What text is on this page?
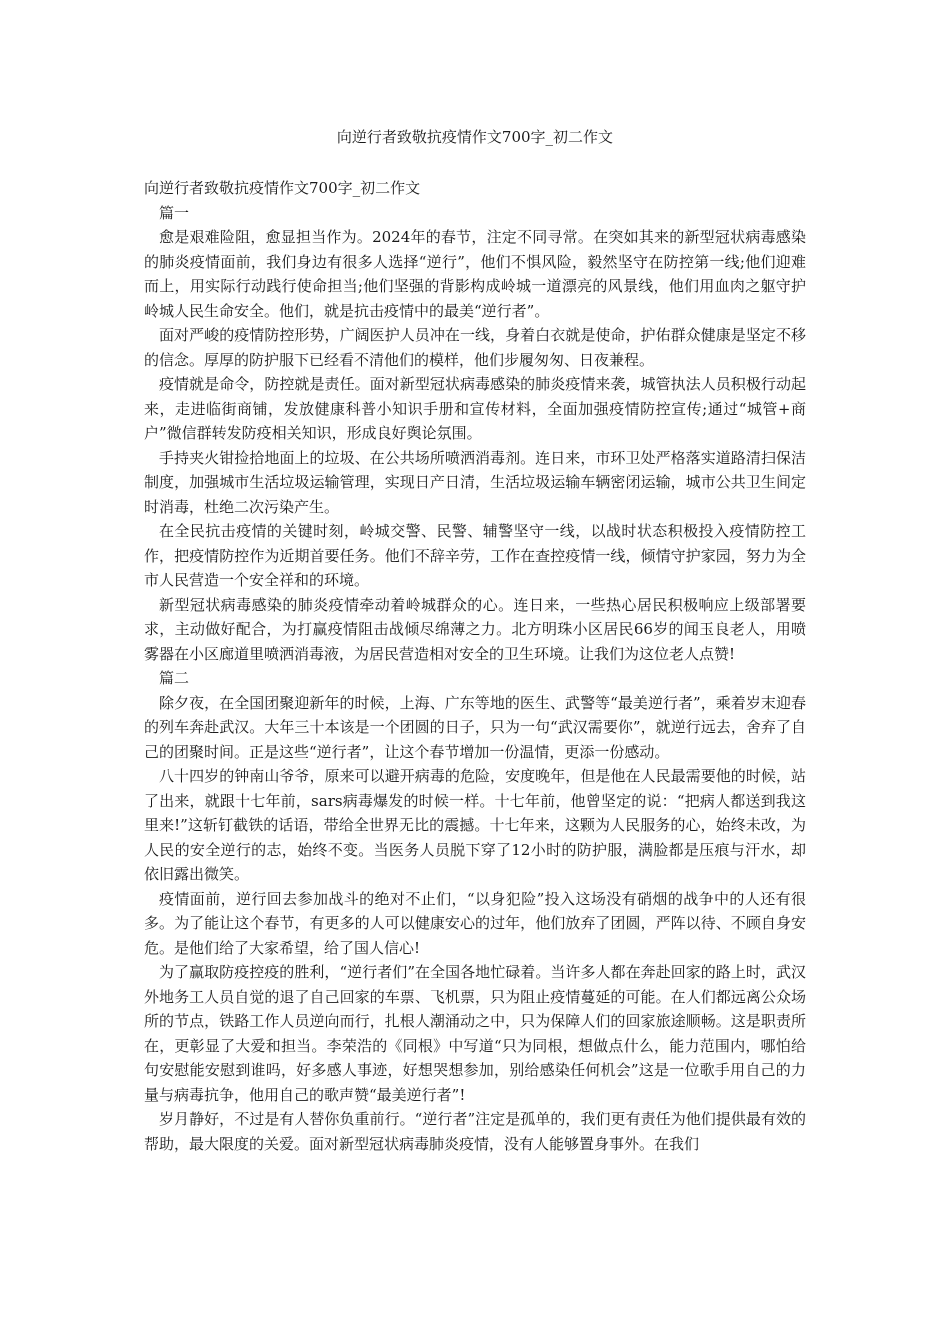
向逆行者致敬抗疫情作文700字_初二作文

向逆行者致敬抗疫情作文700字_初二作文

篇一

愈是艰难险阻，愈显担当作为。2024年的春节，注定不同寻常。在突如其来的新型冠状病毒感染的肺炎疫情面前，我们身边有很多人选择“逆行”，他们不惧风险，毅然坚守在防控第一线;他们迎难而上，用实际行动践行使命担当;他们坚强的背影构成岭城一道漂亮的风景线，他们用血肉之躯守护岭城人民生命安全。他们，就是抗击疫情中的最美“逆行者”。

面对严峻的疫情防控形势，广阔医护人员冲在一线，身着白衣就是使命，护佑群众健康是坚定不移的信念。厚厚的防护服下已经看不清他们的模样，他们步履匆匆、日夜兼程。

疫情就是命令，防控就是责任。面对新型冠状病毒感染的肺炎疫情来袭，城管执法人员积极行动起来，走进临街商铺，发放健康科普小知识手册和宣传材料，全面加强疫情防控宣传;通过“城管+商户”微信群转发防疫相关知识，形成良好舆论氛围。

手持夹火钳捡拾地面上的垃圾、在公共场所喷洒消毒剂。连日来，市环卫处严格落实道路清扫保洁制度，加强城市生活垃圾运输管理，实现日产日清，生活垃圾运输车辆密闭运输，城市公共卫生间定时消毒，杜绝二次污染产生。

在全民抗击疫情的关键时刻，岭城交警、民警、辅警坚守一线，以战时状态积极投入疫情防控工作，把疫情防控作为近期首要任务。他们不辞辛劳，工作在查控疫情一线，倾情守护家园，努力为全市人民营造一个安全祥和的环境。

新型冠状病毒感染的肺炎疫情牵动着岭城群众的心。连日来，一些热心居民积极响应上级部署要求，主动做好配合，为打赢疫情阻击战倾尽绵薄之力。北方明珠小区居民66岁的闻玉良老人，用喷雾器在小区廊道里喷洒消毒液，为居民营造相对安全的卫生环境。让我们为这位老人点赞!

篇二

除夕夜，在全国团聚迎新年的时候，上海、广东等地的医生、武警等“最美逆行者”，乘着岁末迎春的列车奔赴武汉。大年三十本该是一个团圆的日子，只为一句“武汉需要你”，就逆行远去，舍弃了自己的团聚时间。正是这些“逆行者”，让这个春节增加一份温情，更添一份感动。

八十四岁的钟南山爷爷，原来可以避开病毒的危险，安度晚年，但是他在人民最需要他的时候，站了出来，就跟十七年前，sars病毒爆发的时候一样。十七年前，他曾坚定的说：“把病人都送到我这里来!”这斩钉截铁的话语，带给全世界无比的震撼。十七年来，这颗为人民服务的心，始终未改，为人民的安全逆行的志，始终不变。当医务人员脱下穿了12小时的防护服，满脸都是压痕与汗水，却依旧露出微笑。

疫情面前，逆行回去参加战斗的绝对不止们，“以身犯险”投入这场没有硝烟的战争中的人还有很多。为了能让这个春节，有更多的人可以健康安心的过年，他们放弃了团圆，严阵以待、不顾自身安危。是他们给了大家希望，给了国人信心!

为了赢取防疫控疫的胜利，“逆行者们”在全国各地忙碌着。当许多人都在奔赴回家的路上时，武汉外地务工人员自觉的退了自己回家的车票、飞机票，只为阻止疫情蔓延的可能。在人们都远离公众场所的节点，铁路工作人员逆向而行，扎根人潮涌动之中，只为保障人们的回家旅途顺畅。这是职责所在，更彰显了大爱和担当。李荣浩的《同根》中写道“只为同根，想做点什么，能力范围内，哪怕给句安慰能安慰到谁吗，好多感人事迹，好想哭想参加，别给感染任何机会”这是一位歌手用自己的力量与病毒抗争，他用自己的歌声赞“最美逆行者”!

岁月静好，不过是有人替你负重前行。“逆行者”注定是孤单的，我们更有责任为他们提供最有效的帮助，最大限度的关爱。面对新型冠状病毒肺炎疫情，没有人能够置身事外。在我们
